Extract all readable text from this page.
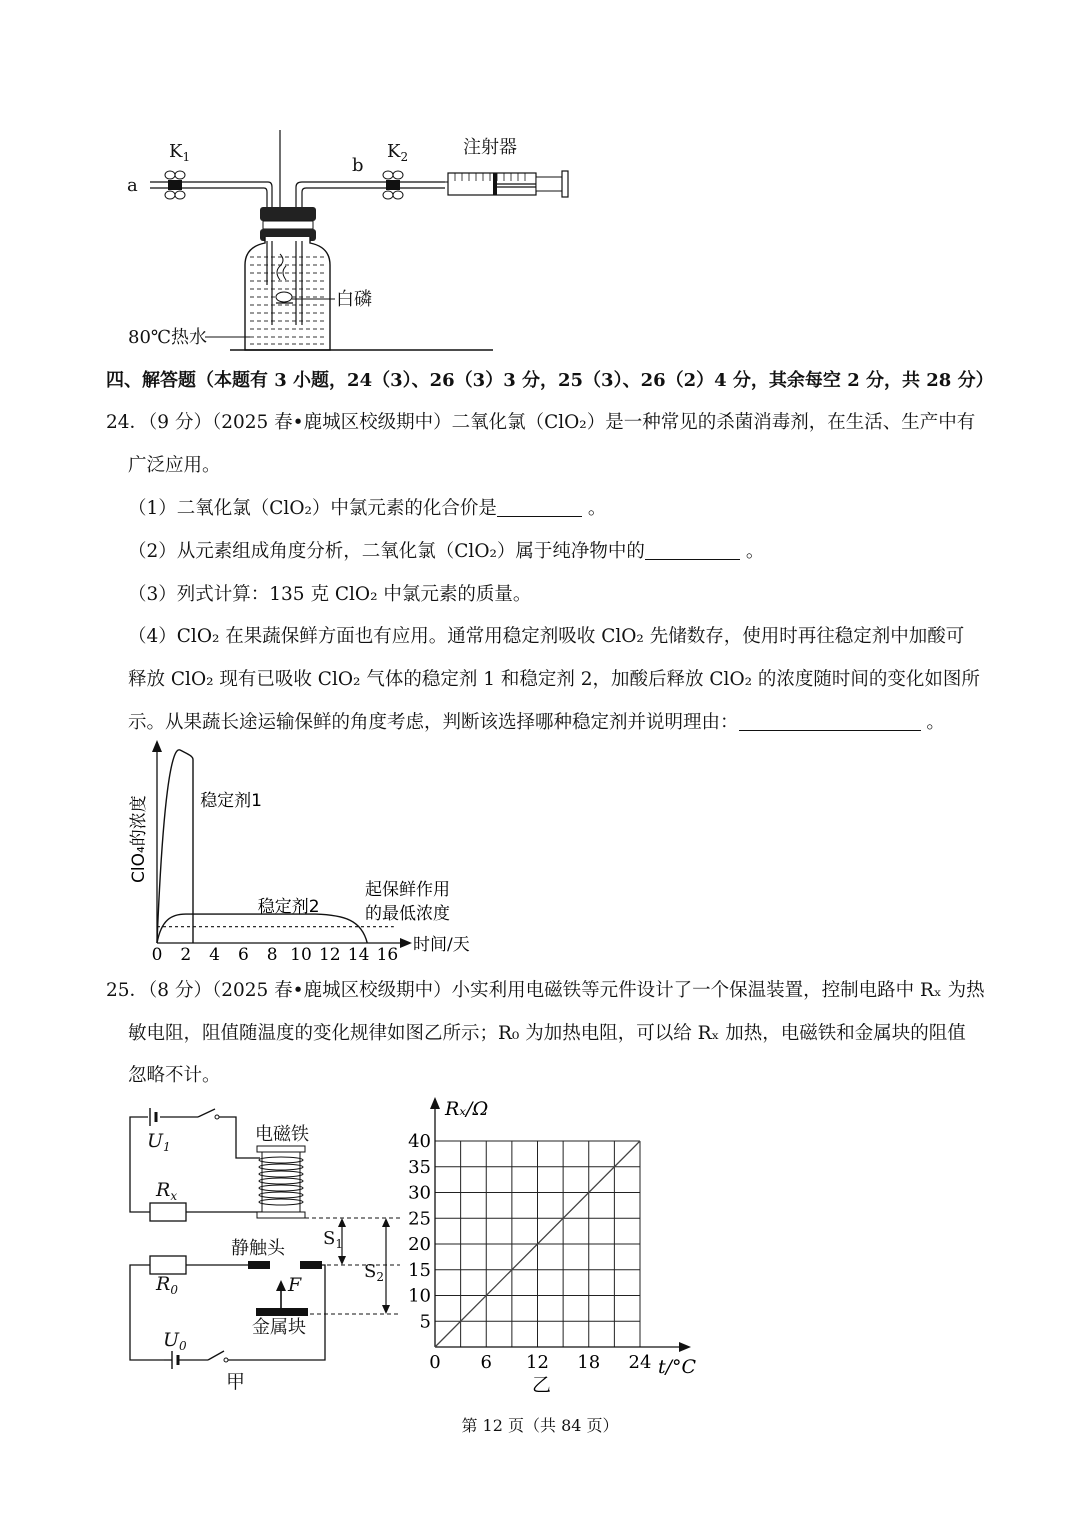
$K_1$	$K_2$
a
b
注射器
白磷
80℃热水
四、解答题（本题有 3 小题，24（3）、26（3）3 分，25（3）、26（2）4 分，其余每空 2 分，共 28 分）
24．（9 分）（2025 春•鹿城区校级期中）二氧化氯（ClO₂）是一种常见的杀菌消毒剂，在生活、生产中有
广泛应用。
（1）二氧化氯（ClO₂）中氯元素的化合价是	。
（2）从元素组成角度分析，二氧化氯（ClO₂）属于纯净物中的	。
（3）列式计算：135 克 ClO₂ 中氯元素的质量。
（4）ClO₂ 在果蔬保鲜方面也有应用。通常用稳定剂吸收 ClO₂ 先储数存，使用时再往稳定剂中加酸可
释放 ClO₂ 现有已吸收 ClO₂ 气体的稳定剂 1 和稳定剂 2，加酸后释放 ClO₂ 的浓度随时间的变化如图所
示。从果蔬长途运输保鲜的角度考虑，判断该选择哪种稳定剂并说明理由：	。
0 2 4 6 8 10 12 14 16
稳定剂1
稳定剂2
起保鲜作用
的最低浓度
ClO₄的浓度
时间/天
25．（8 分）（2025 春•鹿城区校级期中）小实利用电磁铁等元件设计了一个保温装置，控制电路中 Rₓ 为热
敏电阻，阻值随温度的变化规律如图乙所示；R₀ 为加热电阻，可以给 Rₓ 加热，电磁铁和金属块的阻值
忽略不计。
$U_1$
$R_x$
电磁铁
静触头
$R_0$	F
金属块
$U_0$
$S_1$
$S_2$
甲
0 6 12 18 24
5
10
15
20
25
30
35
40
Rₓ/Ω
t/°C
乙
第 12 页（共 84 页）
